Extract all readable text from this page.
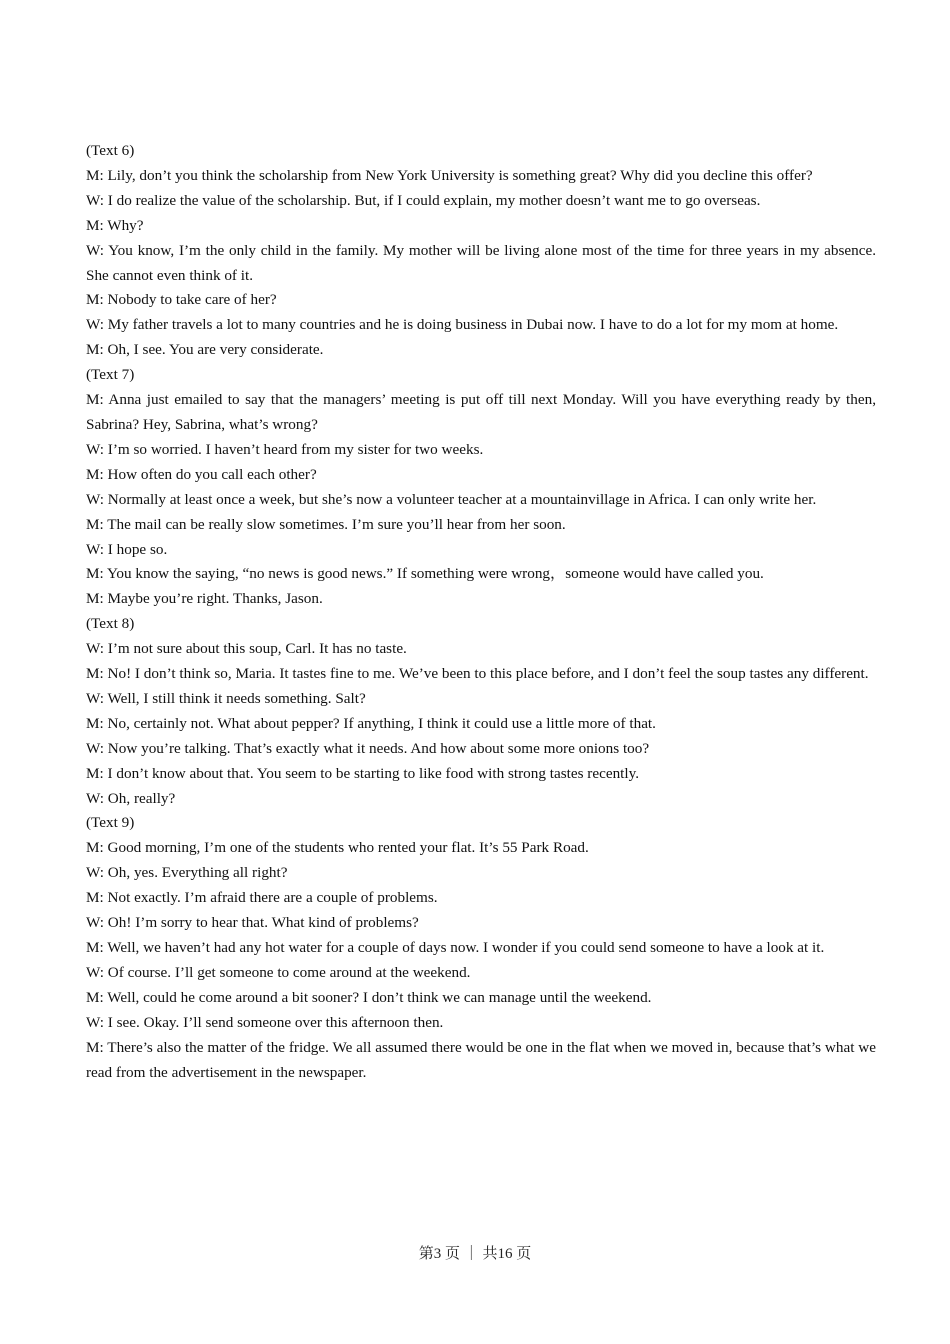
(Text 6)

M: Lily, don’t you think the scholarship from New York University is something great? Why did you decline this offer?

W: I do realize the value of the scholarship. But, if I could explain, my mother doesn’t want me to go overseas.

M: Why?

W: You know, I’m the only child in the family. My mother will be living alone most of the time for three years in my absence. She cannot even think of it.

M: Nobody to take care of her?

W: My father travels a lot to many countries and he is doing business in Dubai now. I have to do a lot for my mom at home.

M: Oh, I see. You are very considerate.

(Text 7)

M: Anna just emailed to say that the managers’ meeting is put off till next Monday. Will you have everything ready by then, Sabrina? Hey, Sabrina, what’s wrong?

W: I’m so worried. I haven’t heard from my sister for two weeks.

M: How often do you call each other?

W: Normally at least once a week, but she’s now a volunteer teacher at a mountainvillage in Africa. I can only write her.

M: The mail can be really slow sometimes. I’m sure you’ll hear from her soon.

W: I hope so.

M: You know the saying, “no news is good news.” If something were wrong，someone would have called you.

M: Maybe you’re right. Thanks, Jason.

(Text 8)

W: I’m not sure about this soup, Carl. It has no taste.

M: No! I don’t think so, Maria. It tastes fine to me. We’ve been to this place before, and I don’t feel the soup tastes any different.

W: Well, I still think it needs something. Salt?

M: No, certainly not. What about pepper? If anything, I think it could use a little more of that.

W: Now you’re talking. That’s exactly what it needs. And how about some more onions too?

M: I don’t know about that. You seem to be starting to like food with strong tastes recently.

W: Oh, really?

(Text 9)

M: Good morning, I’m one of the students who rented your flat. It’s 55 Park Road.

W: Oh, yes. Everything all right?

M: Not exactly. I’m afraid there are a couple of problems.

W: Oh! I’m sorry to hear that. What kind of problems?

M: Well, we haven’t had any hot water for a couple of days now. I wonder if you could send someone to have a look at it.

W: Of course. I’ll get someone to come around at the weekend.

M: Well, could he come around a bit sooner? I don’t think we can manage until the weekend.

W: I see. Okay. I’ll send someone over this afternoon then.

M: There’s also the matter of the fridge. We all assumed there would be one in the flat when we moved in, because that’s what we read from the advertisement in the newspaper.

第3 页 ｜ 共16 页
